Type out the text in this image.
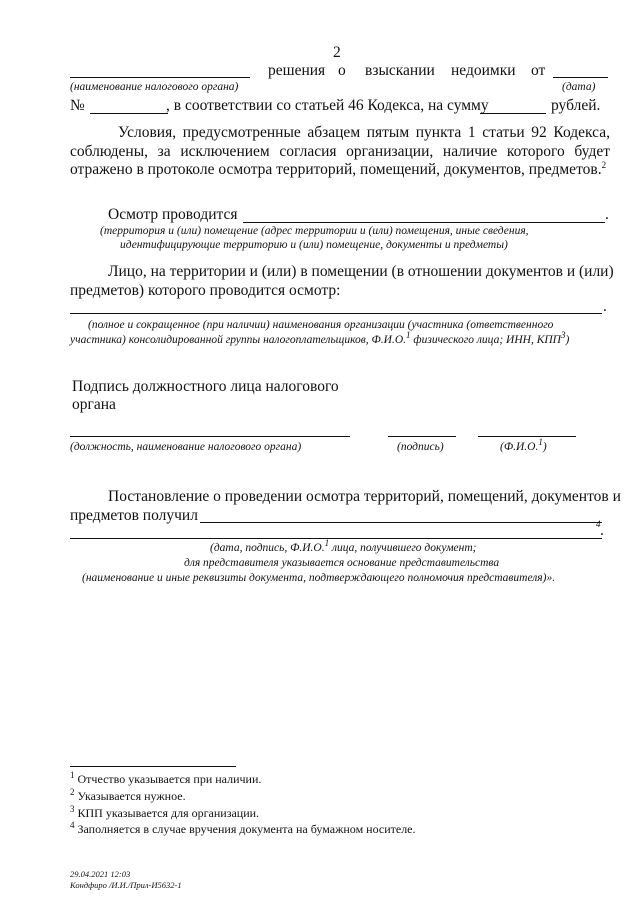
2
решения о взыскании недоимки от
(наименование налогового органа)	(дата)
№	, в соответствии со статьей 46 Кодекса, на сумму	рублей.
Условия, предусмотренные абзацем пятым пункта 1 статьи 92 Кодекса, соблюдены, за исключением согласия организации, наличие которого будет
отражено в протоколе осмотра территорий, помещений, документов, предметов.$^2$
Осмотр проводится	.
(территория и (или) помещение (адрес территории и (или) помещения, иные сведения,
идентифицирующие территорию и (или) помещение, документы и предметы)
Лицо, на территории и (или) в помещении (в отношении документов и (или)
предметов) которого проводится осмотр:
.
(полное и сокращенное (при наличии) наименования организации (участника (ответственного
участника) консолидированной группы налогоплательщиков, Ф.И.О.$^1$ физического лица; ИНН, КПП$^3$)
Подпись должностного лица налогового
органа
(должность, наименование налогового органа)	(подпись)	(Ф.И.О.$^1$)
Постановление о проведении осмотра территорий, помещений, документов и
предметов получил	4 .
(дата, подпись, Ф.И.О.$^1$ лица, получившего документ;
для представителя указывается основание представительства
(наименование и иные реквизиты документа, подтверждающего полномочия представителя)».
$^1$ Отчество указывается при наличии.
$^2$ Указывается нужное.
$^3$ КПП указывается для организации.
$^4$ Заполняется в случае вручения документа на бумажном носителе.
29.04.2021 12:03
Кондфиро /И.И./Прил-И5632-1
